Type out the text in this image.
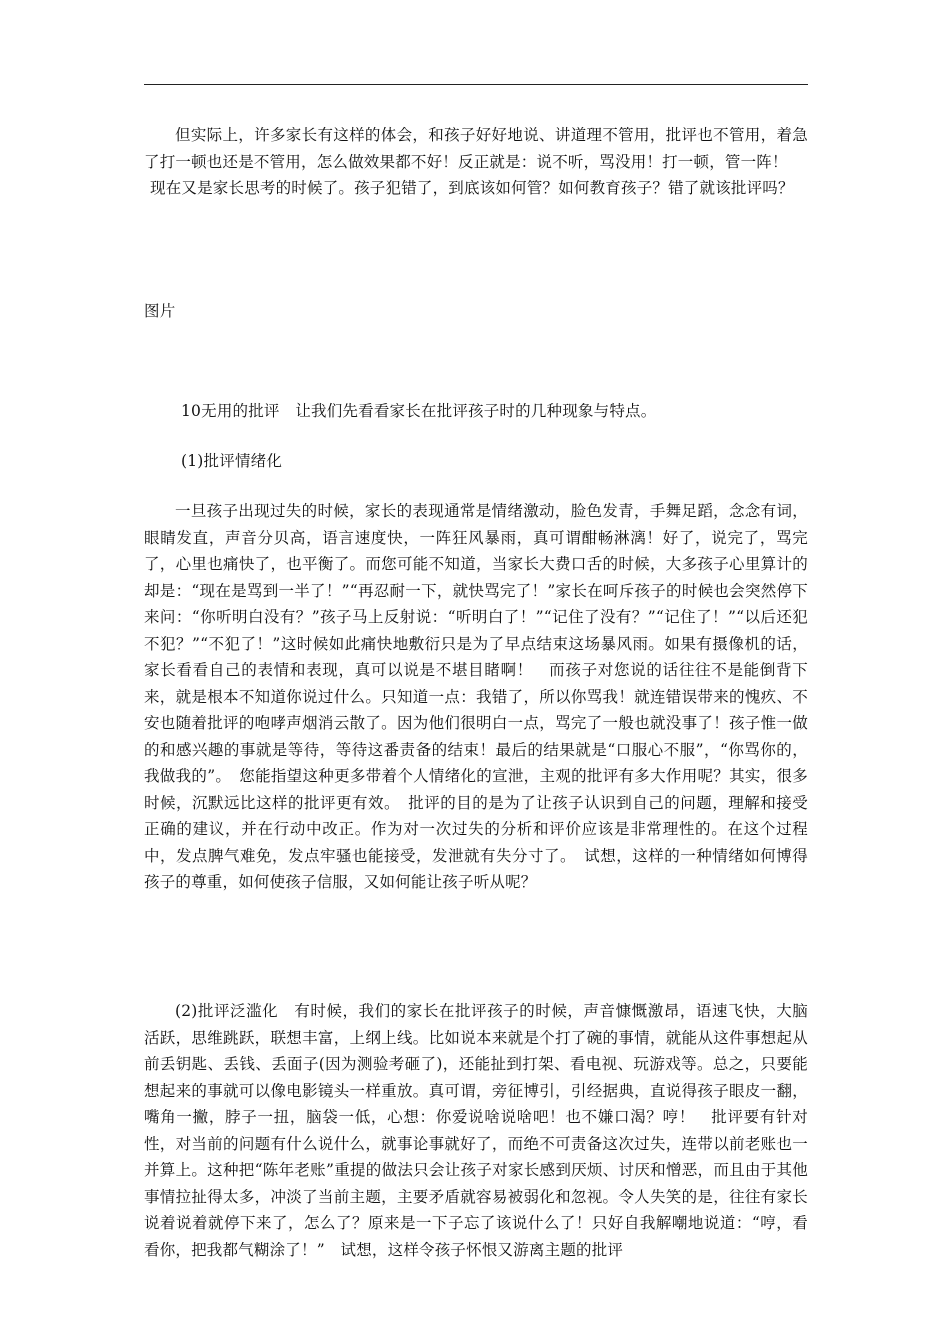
但实际上，许多家长有这样的体会，和孩子好好地说、讲道理不管用，批评也不管用，着急了打一顿也还是不管用，怎么做效果都不好！反正就是：说不听，骂没用！打一顿，管一阵！

现在又是家长思考的时候了。孩子犯错了，到底该如何管？如何教育孩子？错了就该批评吗？

图片
10无用的批评　让我们先看看家长在批评孩子时的几种现象与特点。
(1)批评情绪化

一旦孩子出现过失的时候，家长的表现通常是情绪激动，脸色发青，手舞足蹈，念念有词，眼睛发直，声音分贝高，语言速度快，一阵狂风暴雨，真可谓酣畅淋漓！好了，说完了，骂完了，心里也痛快了，也平衡了。而您可能不知道，当家长大费口舌的时候，大多孩子心里算计的却是：“现在是骂到一半了！”“再忍耐一下，就快骂完了！”家长在呵斥孩子的时候也会突然停下来问：“你听明白没有？”孩子马上反射说：“听明白了！”“记住了没有？”“记住了！”“以后还犯不犯？”“不犯了！”这时候如此痛快地敷衍只是为了早点结束这场暴风雨。如果有摄像机的话，家长看看自己的表情和表现，真可以说是不堪目睹啊！　而孩子对您说的话往往不是能倒背下来，就是根本不知道你说过什么。只知道一点：我错了，所以你骂我！就连错误带来的愧疚、不安也随着批评的咆哮声烟消云散了。因为他们很明白一点，骂完了一般也就没事了！孩子惟一做的和感兴趣的事就是等待，等待这番责备的结束！最后的结果就是“口服心不服”，“你骂你的，我做我的”。　您能指望这种更多带着个人情绪化的宣泄，主观的批评有多大作用呢？其实，很多时候，沉默远比这样的批评更有效。　批评的目的是为了让孩子认识到自己的问题，理解和接受正确的建议，并在行动中改正。作为对一次过失的分析和评价应该是非常理性的。在这个过程中，发点脾气难免，发点牢骚也能接受，发泄就有失分寸了。　试想，这样的一种情绪如何博得孩子的尊重，如何使孩子信服，又如何能让孩子听从呢？

(2)批评泛滥化　有时候，我们的家长在批评孩子的时候，声音慷慨激昂，语速飞快，大脑活跃，思维跳跃，联想丰富，上纲上线。比如说本来就是个打了碗的事情，就能从这件事想起从前丢钥匙、丢钱、丢面子(因为测验考砸了)，还能扯到打架、看电视、玩游戏等。总之，只要能想起来的事就可以像电影镜头一样重放。真可谓，旁征博引，引经据典，直说得孩子眼皮一翻，嘴角一撇，脖子一扭，脑袋一低，心想：你爱说啥说啥吧！也不嫌口渴？哼！　批评要有针对性，对当前的问题有什么说什么，就事论事就好了，而绝不可责备这次过失，连带以前老账也一并算上。这种把“陈年老账”重提的做法只会让孩子对家长感到厌烦、讨厌和憎恶，而且由于其他事情拉扯得太多，冲淡了当前主题，主要矛盾就容易被弱化和忽视。令人失笑的是，往往有家长说着说着就停下来了，怎么了？原来是一下子忘了该说什么了！只好自我解嘲地说道：“哼，看看你，把我都气糊涂了！”　试想，这样令孩子怀恨又游离主题的批评
